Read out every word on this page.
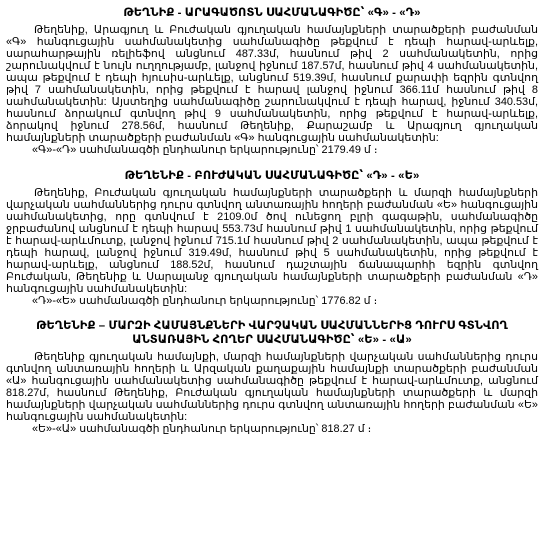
ԹԵՂՆԻՔ - ԱՐԱԳԱԾՈՏՆ ՍԱՀՄԱՆԱԳԻԾԸ՝ «Գ» - «Դ»

Թեղենիք, Արագյուղ և Բուժական գյուղական համայնքների տարածքերի բաժանման «Գ» հանգուցային սահմանակետից սահմանագիծը թեքվում է դեպի հարավ-արևելք, սարահարթային ռելիեֆով անցնում 487.33մ, հասնում թիվ 2 սահմանակետին, որից շարունակվում է նույն ուղղությամբ, լանջով իջնում 187.57մ, հասնում թիվ 4 սահմանակետին, ապա թեքվում է դեպի հյուսիս-արևելք, անցնում 519.39մ, հասնում քարափի եզրին գտնվող թիվ 7 սահմանակետին, որից թեքվում է հարավ լանջով իջնում 366.11մ հասնում թիվ 8 սահմանակետին: Այստեղից սահմանագիծը շարունակվում է դեպի հարավ, իջնում 340.53մ, հասնում ձորակում գտնվող թիվ 9 սահմանակետին, որից թեքվում է հարավ-արևելք, ձորակով իջնում 278.56մ, հասնում Թեղենիք, Քարաշամբ և Արագյուղ գյուղական համայնքների տարածքերի բաժանման «Գ» հանգուցային սահմանակետին:

«Գ»-«Դ» սահմանագծի ընդհանուր երկարությունը՝ 2179.49 մ ։

ԹԵՂԵՆԻՔ - ԲՈՒԺԱԿԱՆ ՍԱՀՄԱՆԱԳԻԾԸ՝ «Դ» - «Ե»

Թեղենիք, Բուժական գյուղական համայնքների տարածքերի և մարզի համայնքների վարչական սահմաններից դուրս գտնվող անտառային հողերի բաժանման «Ե» հանգուցային սահմանակետից, որը գտնվում է 2109.0մ ծով ունեցող բլրի գագաթին, սահմանագիծը ջրբաժանով անցնում է դեպի հարավ 553.73մ հասնում թիվ 1 սահմանակետին, որից թեքվում է հարավ-արևմուտք, լանջով իջնում 715.1մ հասնում թիվ 2 սահմանակետին, ապա թեքվում է դեպի հարավ, լանջով իջնում 319.49մ, հասնում թիվ 5 սահմանակետին, որից թեքվում է հարավ-արևելք, անցնում 188.52մ, հասնում դաշտային ճանապարհի եզրին գտնվող Բուժական, Թեղենիք և Սարալանջ գյուղական համայնքների տարածքերի բաժանման «Դ» հանգուցային սահմանակետին:

«Դ»-«Ե» սահմանագծի ընդհանուր երկարությունը՝ 1776.82 մ ։

ԹԵՂԵՆԻՔ – ՄԱՐԶԻ ՀԱՄԱՅՆՔՆԵՐԻ ՎԱՐՉԱԿԱՆ ՍԱՀՄԱՆՆԵՐԻՑ ԴՈՒՐՍ ԳՏՆՎՈՂ ԱՆՏԱՌԱՅԻՆ ՀՈՂԵՐ ՍԱՀՄԱՆԱԳԻԾԸ՝ «Ե» - «Ա»

Թեղենիք գյուղական համայնքի, մարզի համայնքների վարչական սահմաններից դուրս գտնվող անտառային հողերի և Արզական քաղաքային համայնքի տարածքերի բաժանման «Ա» հանգուցային սահմանակետից սահմանագիծը թեքվում է հարավ-արևմուտք, անցնում 818.27մ, հասնում Թեղենիք, Բուժական գյուղական համայնքների տարածքերի և մարզի համայնքների վարչական սահմաններից դուրս գտնվող անտառային հողերի բաժանման «Ե» հանգուցային սահմանակետին:

«Ե»-«Ա» սահմանագծի ընդհանուր երկարությունը՝ 818.27 մ ։
